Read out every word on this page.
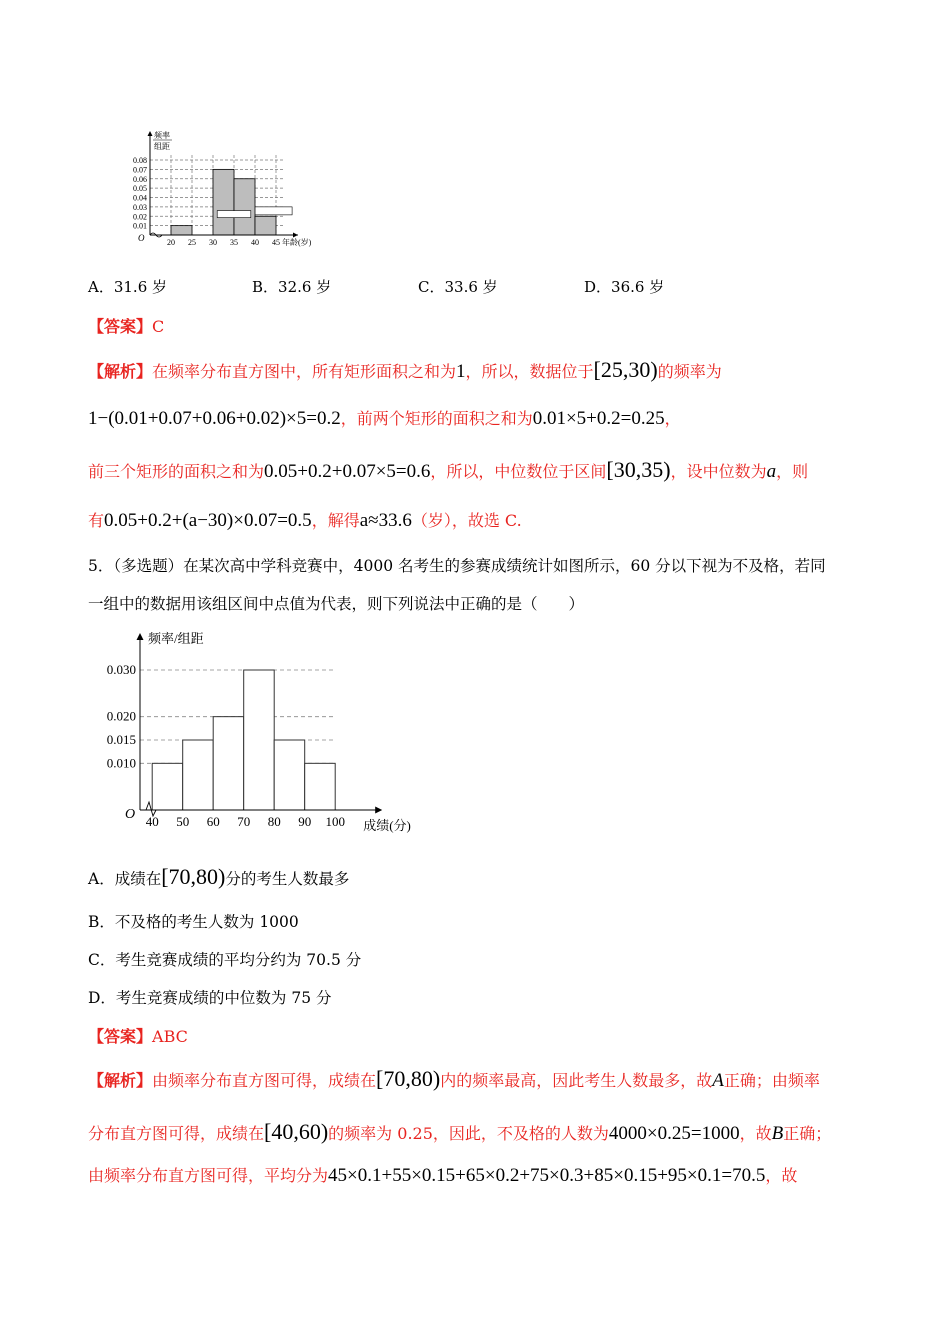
0.08
0.07
0.06
0.05
0.04
0.03
0.02
0.01
20 25 30 35 40 45
O
频率
组距
年龄(岁)
A．31.6 岁	B．32.6 岁	C．33.6 岁	D．36.6 岁
【答案】C
【解析】在频率分布直方图中，所有矩形面积之和为1，所以，数据位于[25,30)的频率为
1−(0.01+0.07+0.06+0.02)×5=0.2，前两个矩形的面积之和为0.01×5+0.2=0.25，
前三个矩形的面积之和为0.05+0.2+0.07×5=0.6，所以，中位数位于区间[30,35)，设中位数为a，则
有0.05+0.2+(a−30)×0.07=0.5，解得a≈33.6（岁），故选 C.
5．（多选题）在某次高中学科竞赛中，4000 名考生的参赛成绩统计如图所示，60 分以下视为不及格，若同
一组中的数据用该组区间中点值为代表，则下列说法中正确的是（　　）
0.030
0.020
0.015
0.010
40 50 60 70 80 90 100
O
频率/组距
成绩(分)
A．成绩在[70,80)分的考生人数最多
B．不及格的考生人数为 1000
C．考生竞赛成绩的平均分约为 70.5 分
D．考生竞赛成绩的中位数为 75 分
【答案】ABC
【解析】由频率分布直方图可得，成绩在[70,80)内的频率最高，因此考生人数最多，故A正确；由频率
分布直方图可得，成绩在[40,60)的频率为 0.25，因此，不及格的人数为4000×0.25=1000，故B正确；
由频率分布直方图可得，平均分为45×0.1+55×0.15+65×0.2+75×0.3+85×0.15+95×0.1=70.5，故
